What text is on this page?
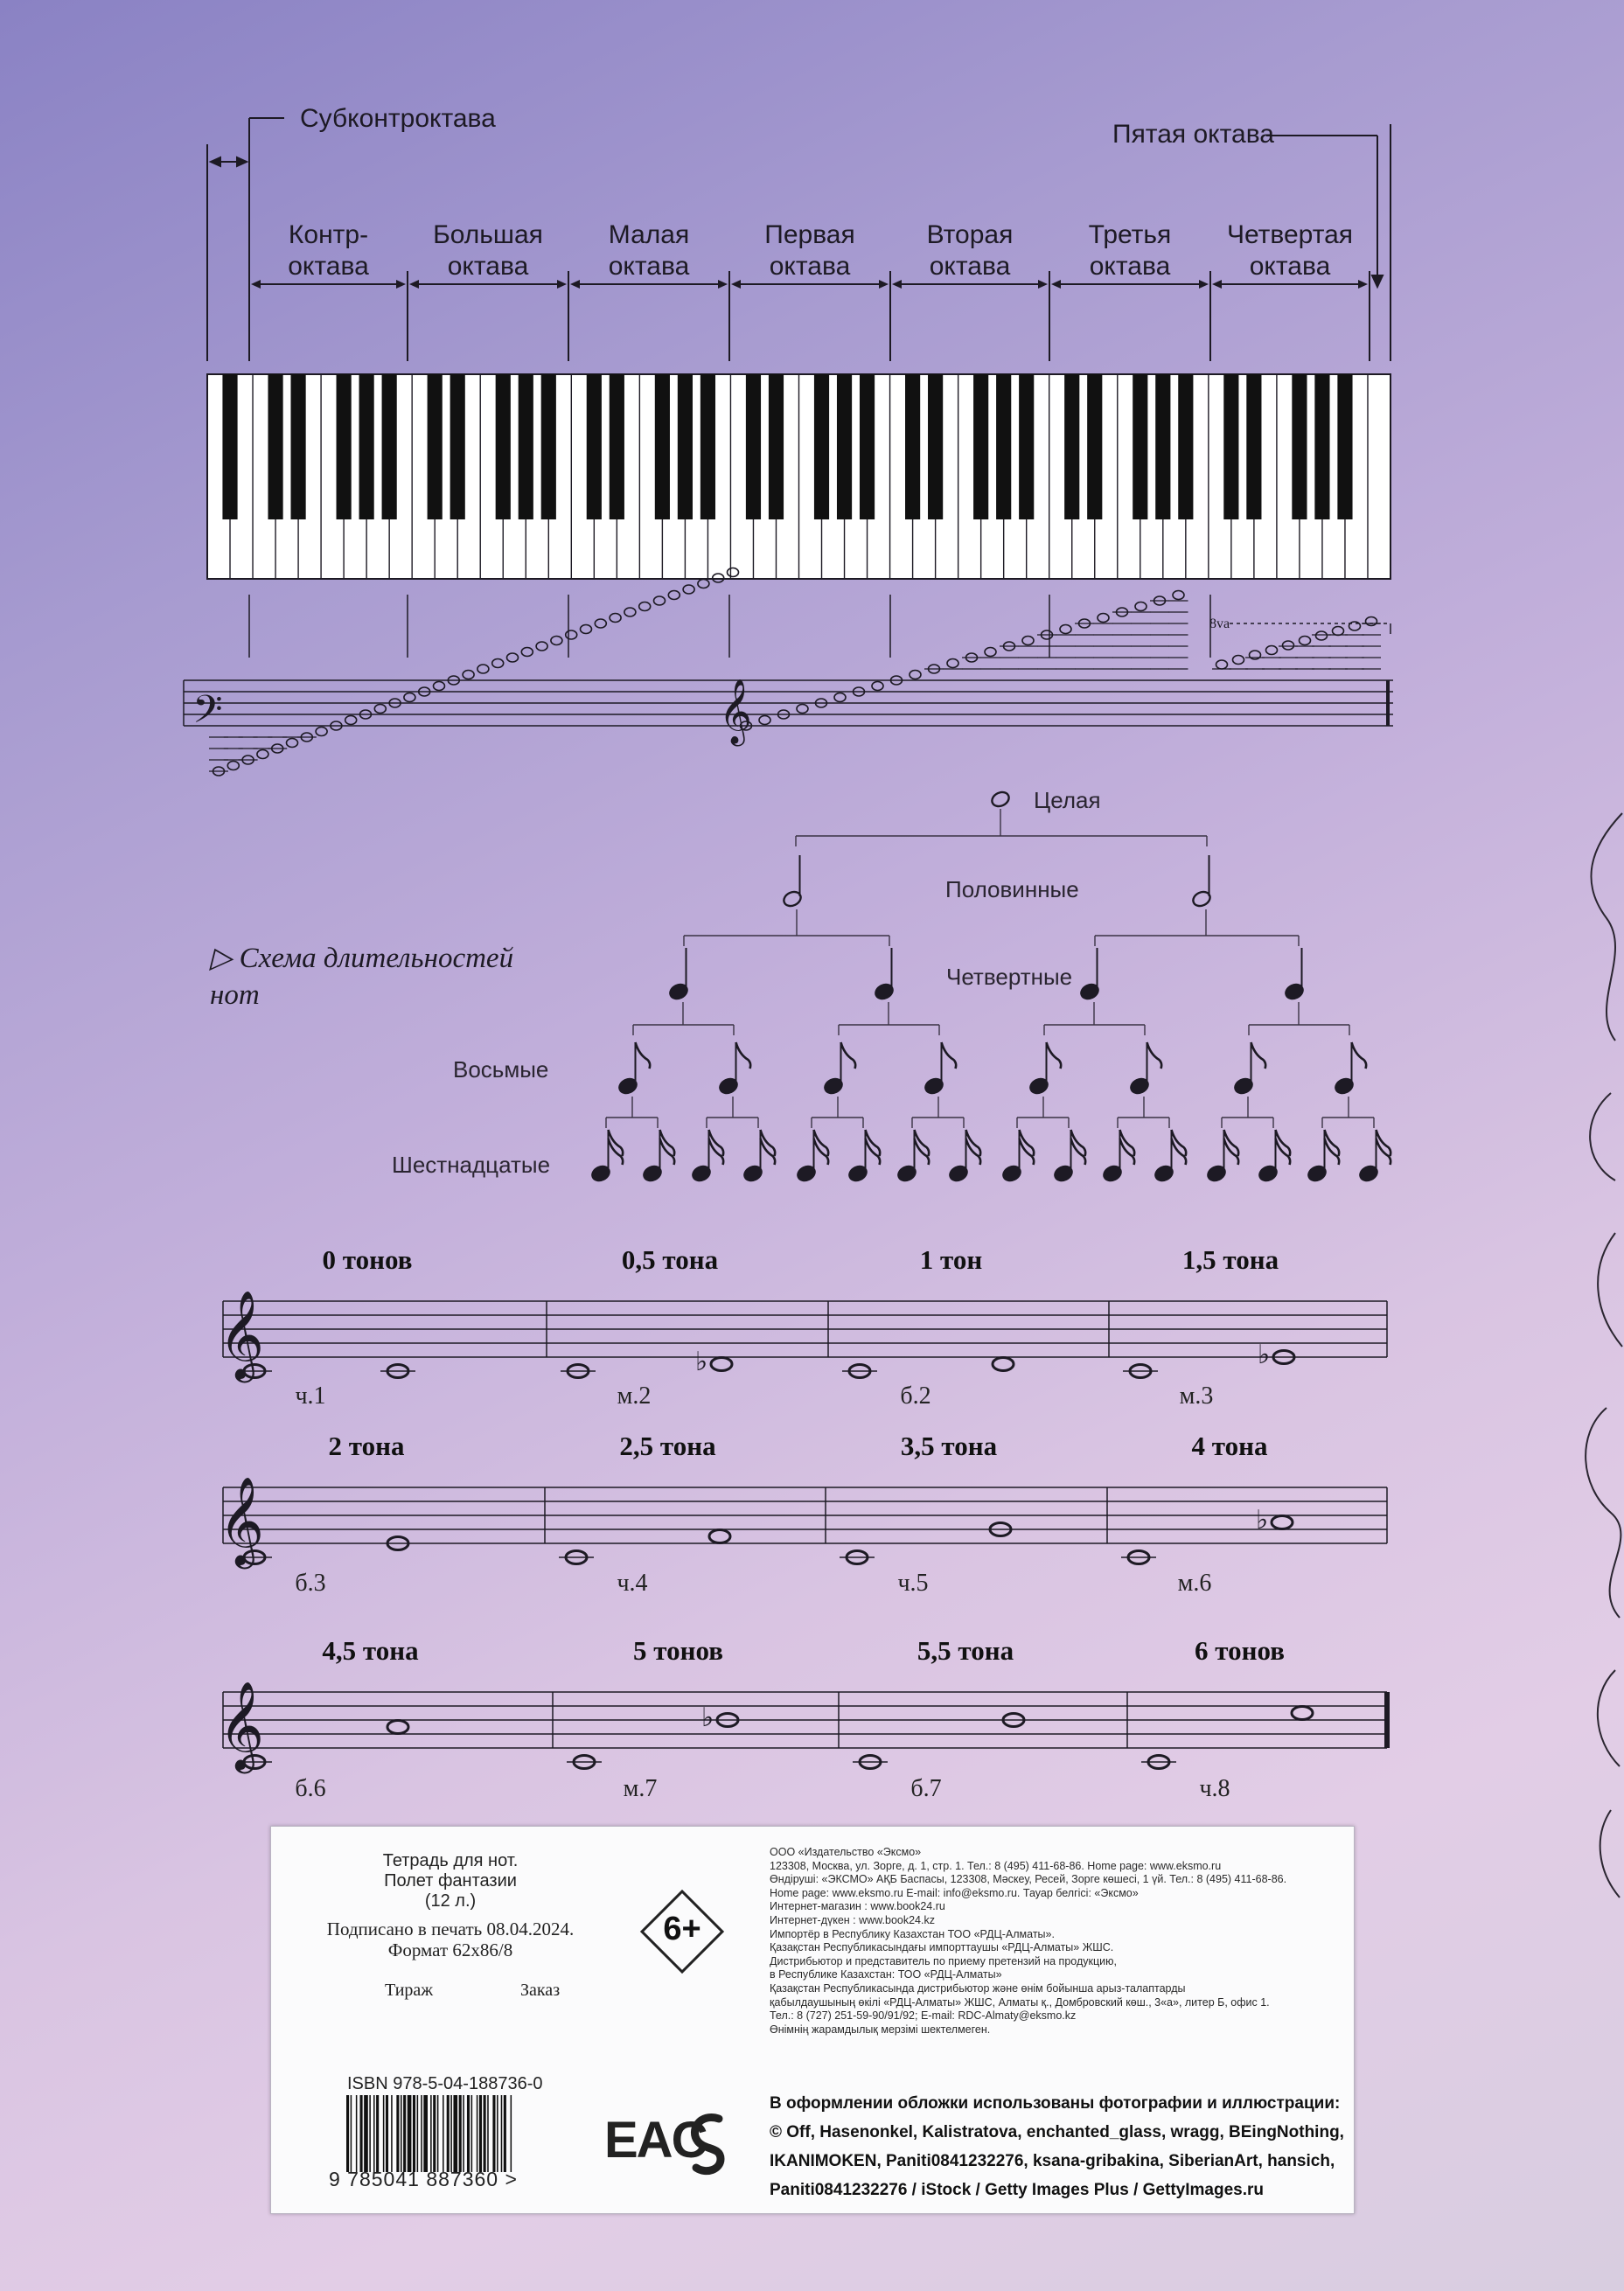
Субконтроктава
Пятая октава
Контр-
октава
Большая
октава
Малая
октава
Первая
октава
Вторая
октава
Третья
октава
Четвертая
октава
𝄢	𝄞
8va
Целая
Половинные
Четвертные
Восьмые
Шестнадцатые
𝄞
0 тонов
ч.1
0,5 тона
м.2
♭
1 тон
б.2
1,5 тона
м.3
♭
𝄞
2 тона
б.3
2,5 тона
ч.4
3,5 тона
ч.5
4 тона
м.6
♭
𝄞
4,5 тона
б.6
5 тонов
м.7
♭
5,5 тона
б.7
6 тонов
ч.8
▷ Схема длительностей нот
Тетрадь для нот.
Полет фантазии
(12 л.)
Подписано в печать 08.04.2024.
Формат 62x86/8
Тираж	Заказ
6+
ООО «Издательство «Эксмо»
123308, Москва, ул. Зорге, д. 1, стр. 1. Тел.: 8 (495) 411-68-86. Home page: www.eksmo.ru
Өндіруші: «ЭКСМО» АҚБ Баспасы, 123308, Мәскеу, Ресей, Зорге көшесі, 1 үй. Тел.: 8 (495) 411-68-86.
Home page: www.eksmo.ru E-mail: info@eksmo.ru. Тауар белгісі: «Эксмо»
Интернет-магазин : www.book24.ru
Интернет-дүкен : www.book24.kz
Импортёр в Республику Казахстан ТОО «РДЦ-Алматы».
Қазақстан Республикасындағы импорттаушы «РДЦ-Алматы» ЖШС.
Дистрибьютор и представитель по приему претензий на продукцию,
в Республике Казахстан: ТОО «РДЦ-Алматы»
Қазақстан Республикасында дистрибьютор және өнім бойынша арыз-талаптарды
қабылдаушының өкілі «РДЦ-Алматы» ЖШС, Алматы қ., Домбровский көш., 3«а», литер Б, офис 1.
Тел.: 8 (727) 251-59-90/91/92; E-mail: RDC-Almaty@eksmo.kz
Өнімнің жарамдылық мерзімі шектелмеген.
В оформлении обложки использованы фотографии и иллюстрации:
© Off, Hasenonkel, Kalistratova, enchanted_glass, wragg, BEingNothing,
IKANIMOKEN, Paniti0841232276, ksana-gribakina, SiberianArt, hansich,
Paniti0841232276 / iStock / Getty Images Plus / GettyImages.ru
ISBN 978-5-04-188736-0
9 785041 887360 >
EAC
